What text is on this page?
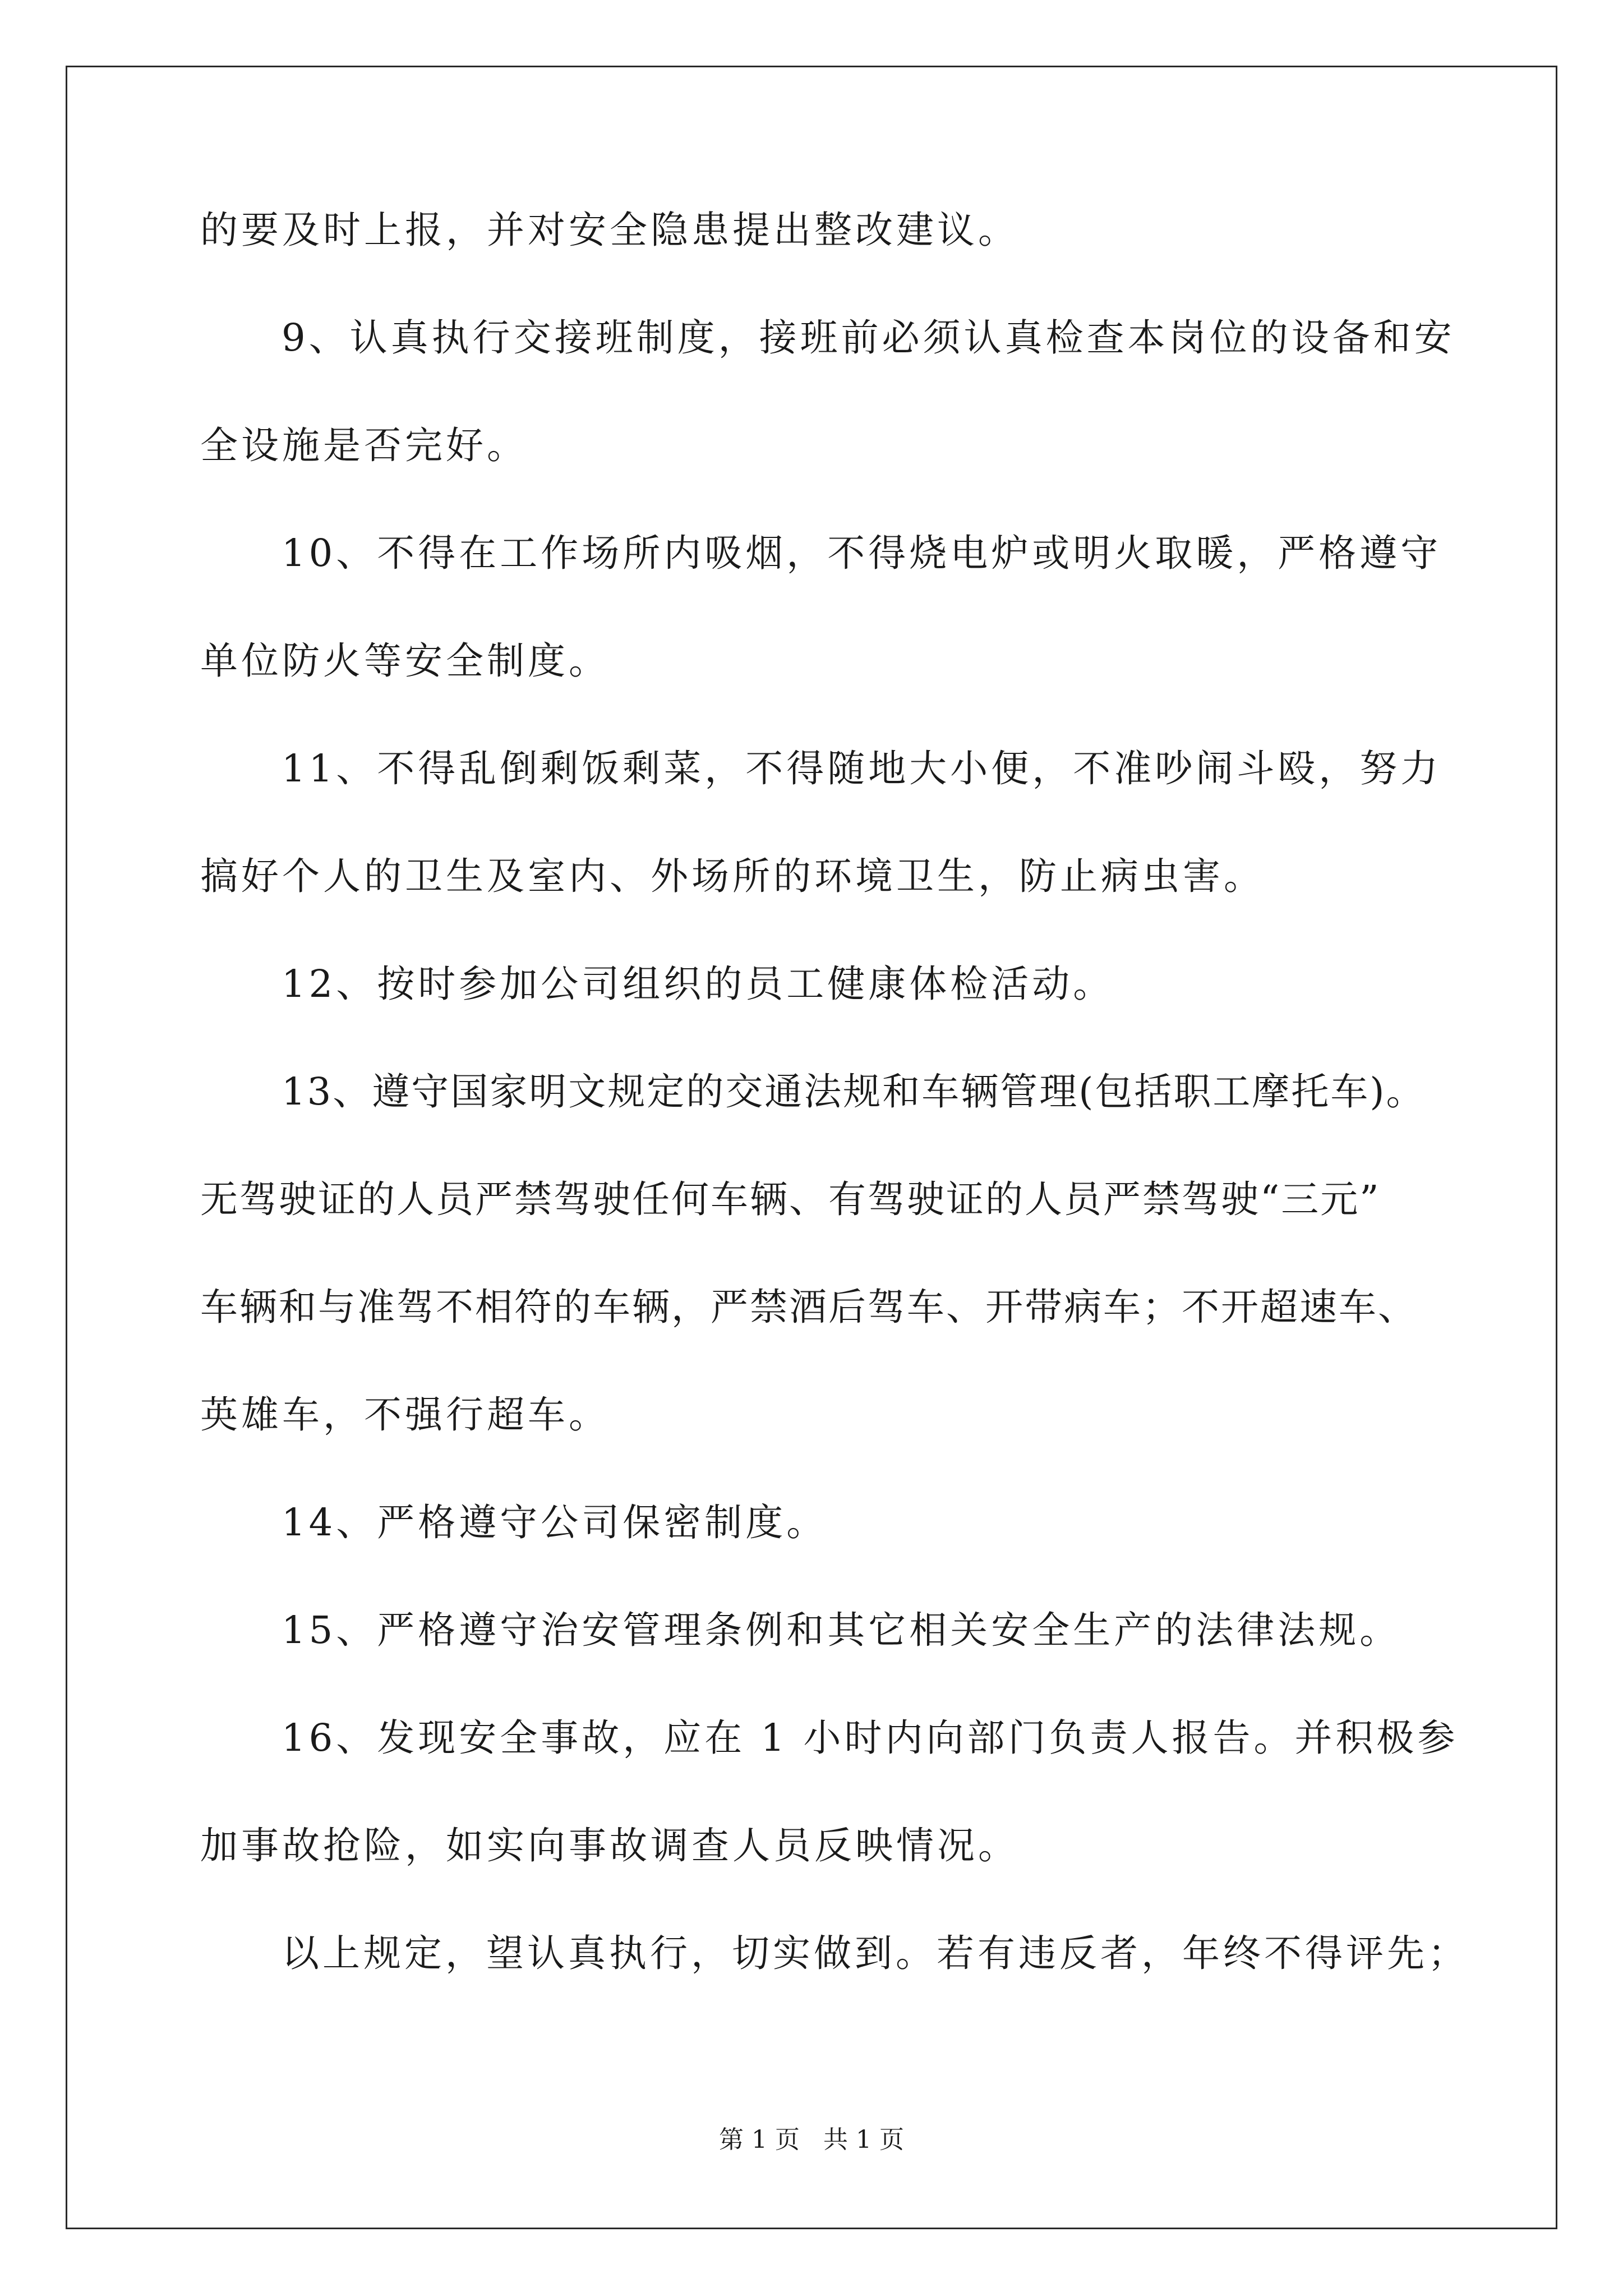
的要及时上报，并对安全隐患提出整改建议。
9、认真执行交接班制度，接班前必须认真检查本岗位的设备和安
全设施是否完好。
10、不得在工作场所内吸烟，不得烧电炉或明火取暖，严格遵守
单位防火等安全制度。
11、不得乱倒剩饭剩菜，不得随地大小便，不准吵闹斗殴，努力
搞好个人的卫生及室内、外场所的环境卫生，防止病虫害。
12、按时参加公司组织的员工健康体检活动。
13、遵守国家明文规定的交通法规和车辆管理(包括职工摩托车)。
无驾驶证的人员严禁驾驶任何车辆、有驾驶证的人员严禁驾驶“三元”
车辆和与准驾不相符的车辆，严禁酒后驾车、开带病车；不开超速车、
英雄车，不强行超车。
14、严格遵守公司保密制度。
15、严格遵守治安管理条例和其它相关安全生产的法律法规。
16、发现安全事故，应在 1 小时内向部门负责人报告。并积极参
加事故抢险，如实向事故调查人员反映情况。
以上规定，望认真执行，切实做到。若有违反者，年终不得评先；
第 1 页 共 1 页
